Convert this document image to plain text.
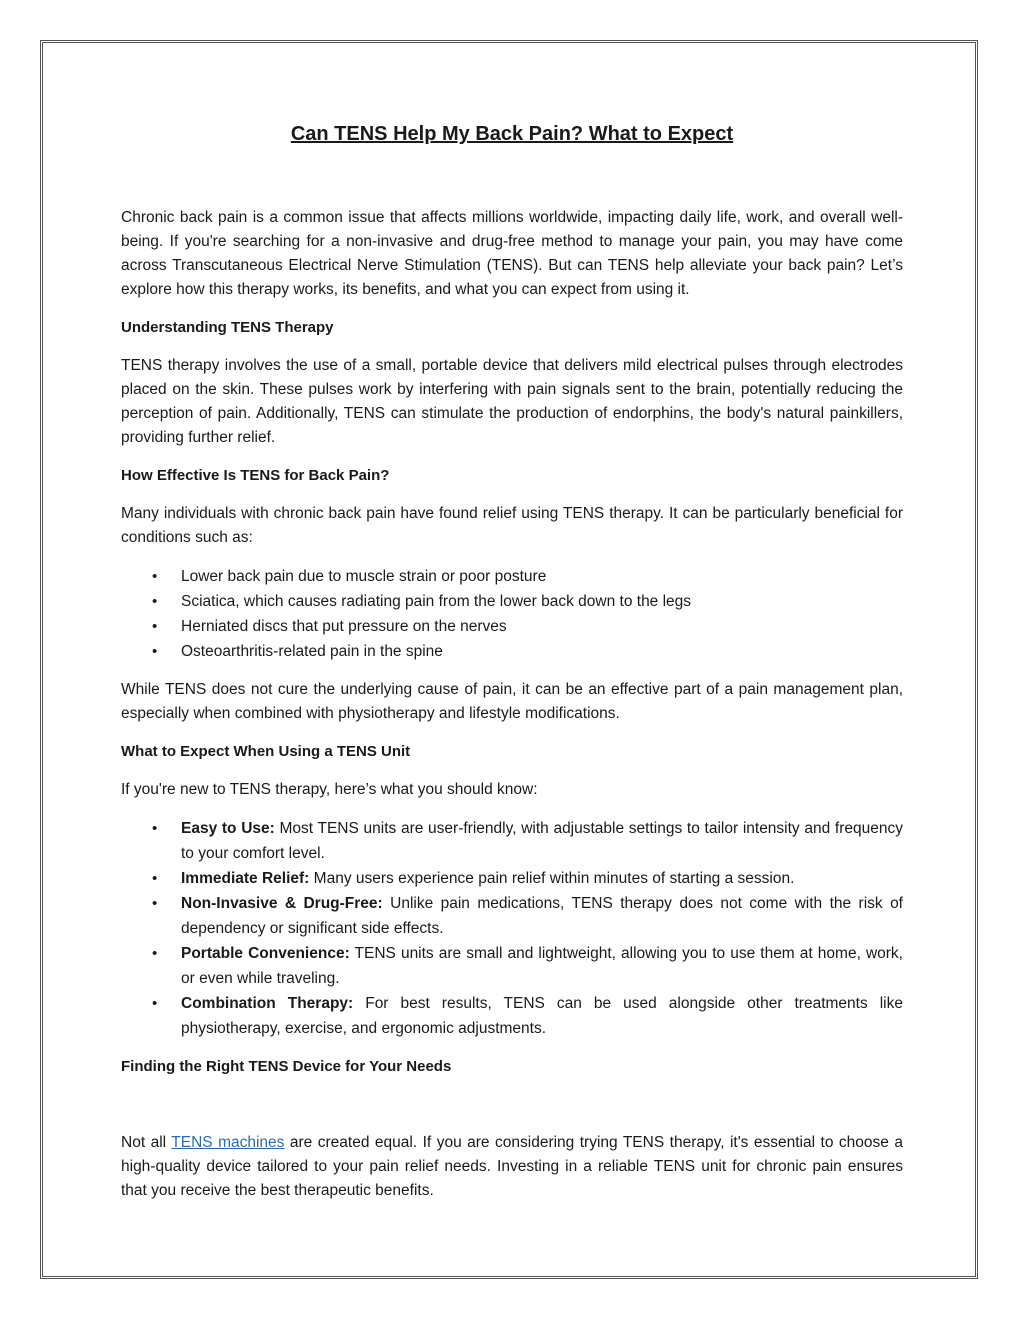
Can TENS Help My Back Pain? What to Expect

Chronic back pain is a common issue that affects millions worldwide, impacting daily life, work, and overall well-being. If you're searching for a non-invasive and drug-free method to manage your pain, you may have come across Transcutaneous Electrical Nerve Stimulation (TENS). But can TENS help alleviate your back pain? Let’s explore how this therapy works, its benefits, and what you can expect from using it.

Understanding TENS Therapy

TENS therapy involves the use of a small, portable device that delivers mild electrical pulses through electrodes placed on the skin. These pulses work by interfering with pain signals sent to the brain, potentially reducing the perception of pain. Additionally, TENS can stimulate the production of endorphins, the body's natural painkillers, providing further relief.

How Effective Is TENS for Back Pain?

Many individuals with chronic back pain have found relief using TENS therapy. It can be particularly beneficial for conditions such as:

• Lower back pain due to muscle strain or poor posture
• Sciatica, which causes radiating pain from the lower back down to the legs
• Herniated discs that put pressure on the nerves
• Osteoarthritis-related pain in the spine

While TENS does not cure the underlying cause of pain, it can be an effective part of a pain management plan, especially when combined with physiotherapy and lifestyle modifications.

What to Expect When Using a TENS Unit

If you're new to TENS therapy, here’s what you should know:

• Easy to Use: Most TENS units are user-friendly, with adjustable settings to tailor intensity and frequency to your comfort level.
• Immediate Relief: Many users experience pain relief within minutes of starting a session.
• Non-Invasive & Drug-Free: Unlike pain medications, TENS therapy does not come with the risk of dependency or significant side effects.
• Portable Convenience: TENS units are small and lightweight, allowing you to use them at home, work, or even while traveling.
• Combination Therapy: For best results, TENS can be used alongside other treatments like physiotherapy, exercise, and ergonomic adjustments.

Finding the Right TENS Device for Your Needs

Not all TENS machines are created equal. If you are considering trying TENS therapy, it's essential to choose a high-quality device tailored to your pain relief needs. Investing in a reliable TENS unit for chronic pain ensures that you receive the best therapeutic benefits.
